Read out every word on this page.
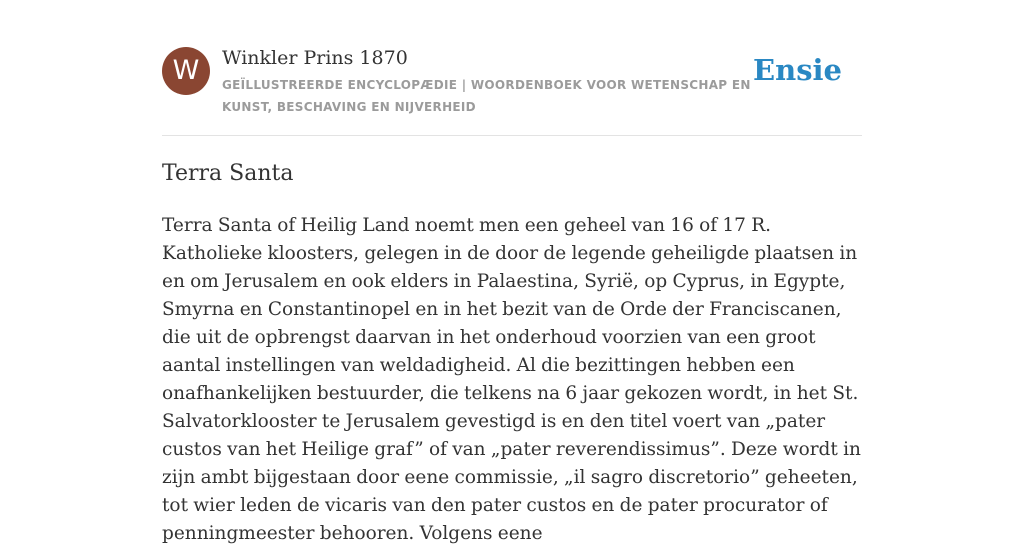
W	Winkler Prins 1870
GEÏLLUSTREERDE ENCYCLOPÆDIE | WOORDENBOEK VOOR WETENSCHAP EN KUNST, BESCHAVING EN NIJVERHEID
Ensie
Terra Santa

Terra Santa of Heilig Land noemt men een geheel van 16 of 17 R. Katholieke kloosters, gelegen in de door de legende geheiligde plaatsen in en om Jerusalem en ook elders in Palaestina, Syrië, op Cyprus, in Egypte, Smyrna en Constantinopel en in het bezit van de Orde der Franciscanen, die uit de opbrengst daarvan in het onderhoud voorzien van een groot aantal instellingen van weldadigheid. Al die bezittingen hebben een onafhankelijken bestuurder, die telkens na 6 jaar gekozen wordt, in het St. Salvatorklooster te Jerusalem gevestigd is en den titel voert van „pater custos van het Heilige graf” of van „pater reverendissimus”. Deze wordt in zijn ambt bijgestaan door eene commissie, „il sagro discretorio” geheeten, tot wier leden de vicaris van den pater custos en de pater procurator of penningmeester behooren. Volgens eene
